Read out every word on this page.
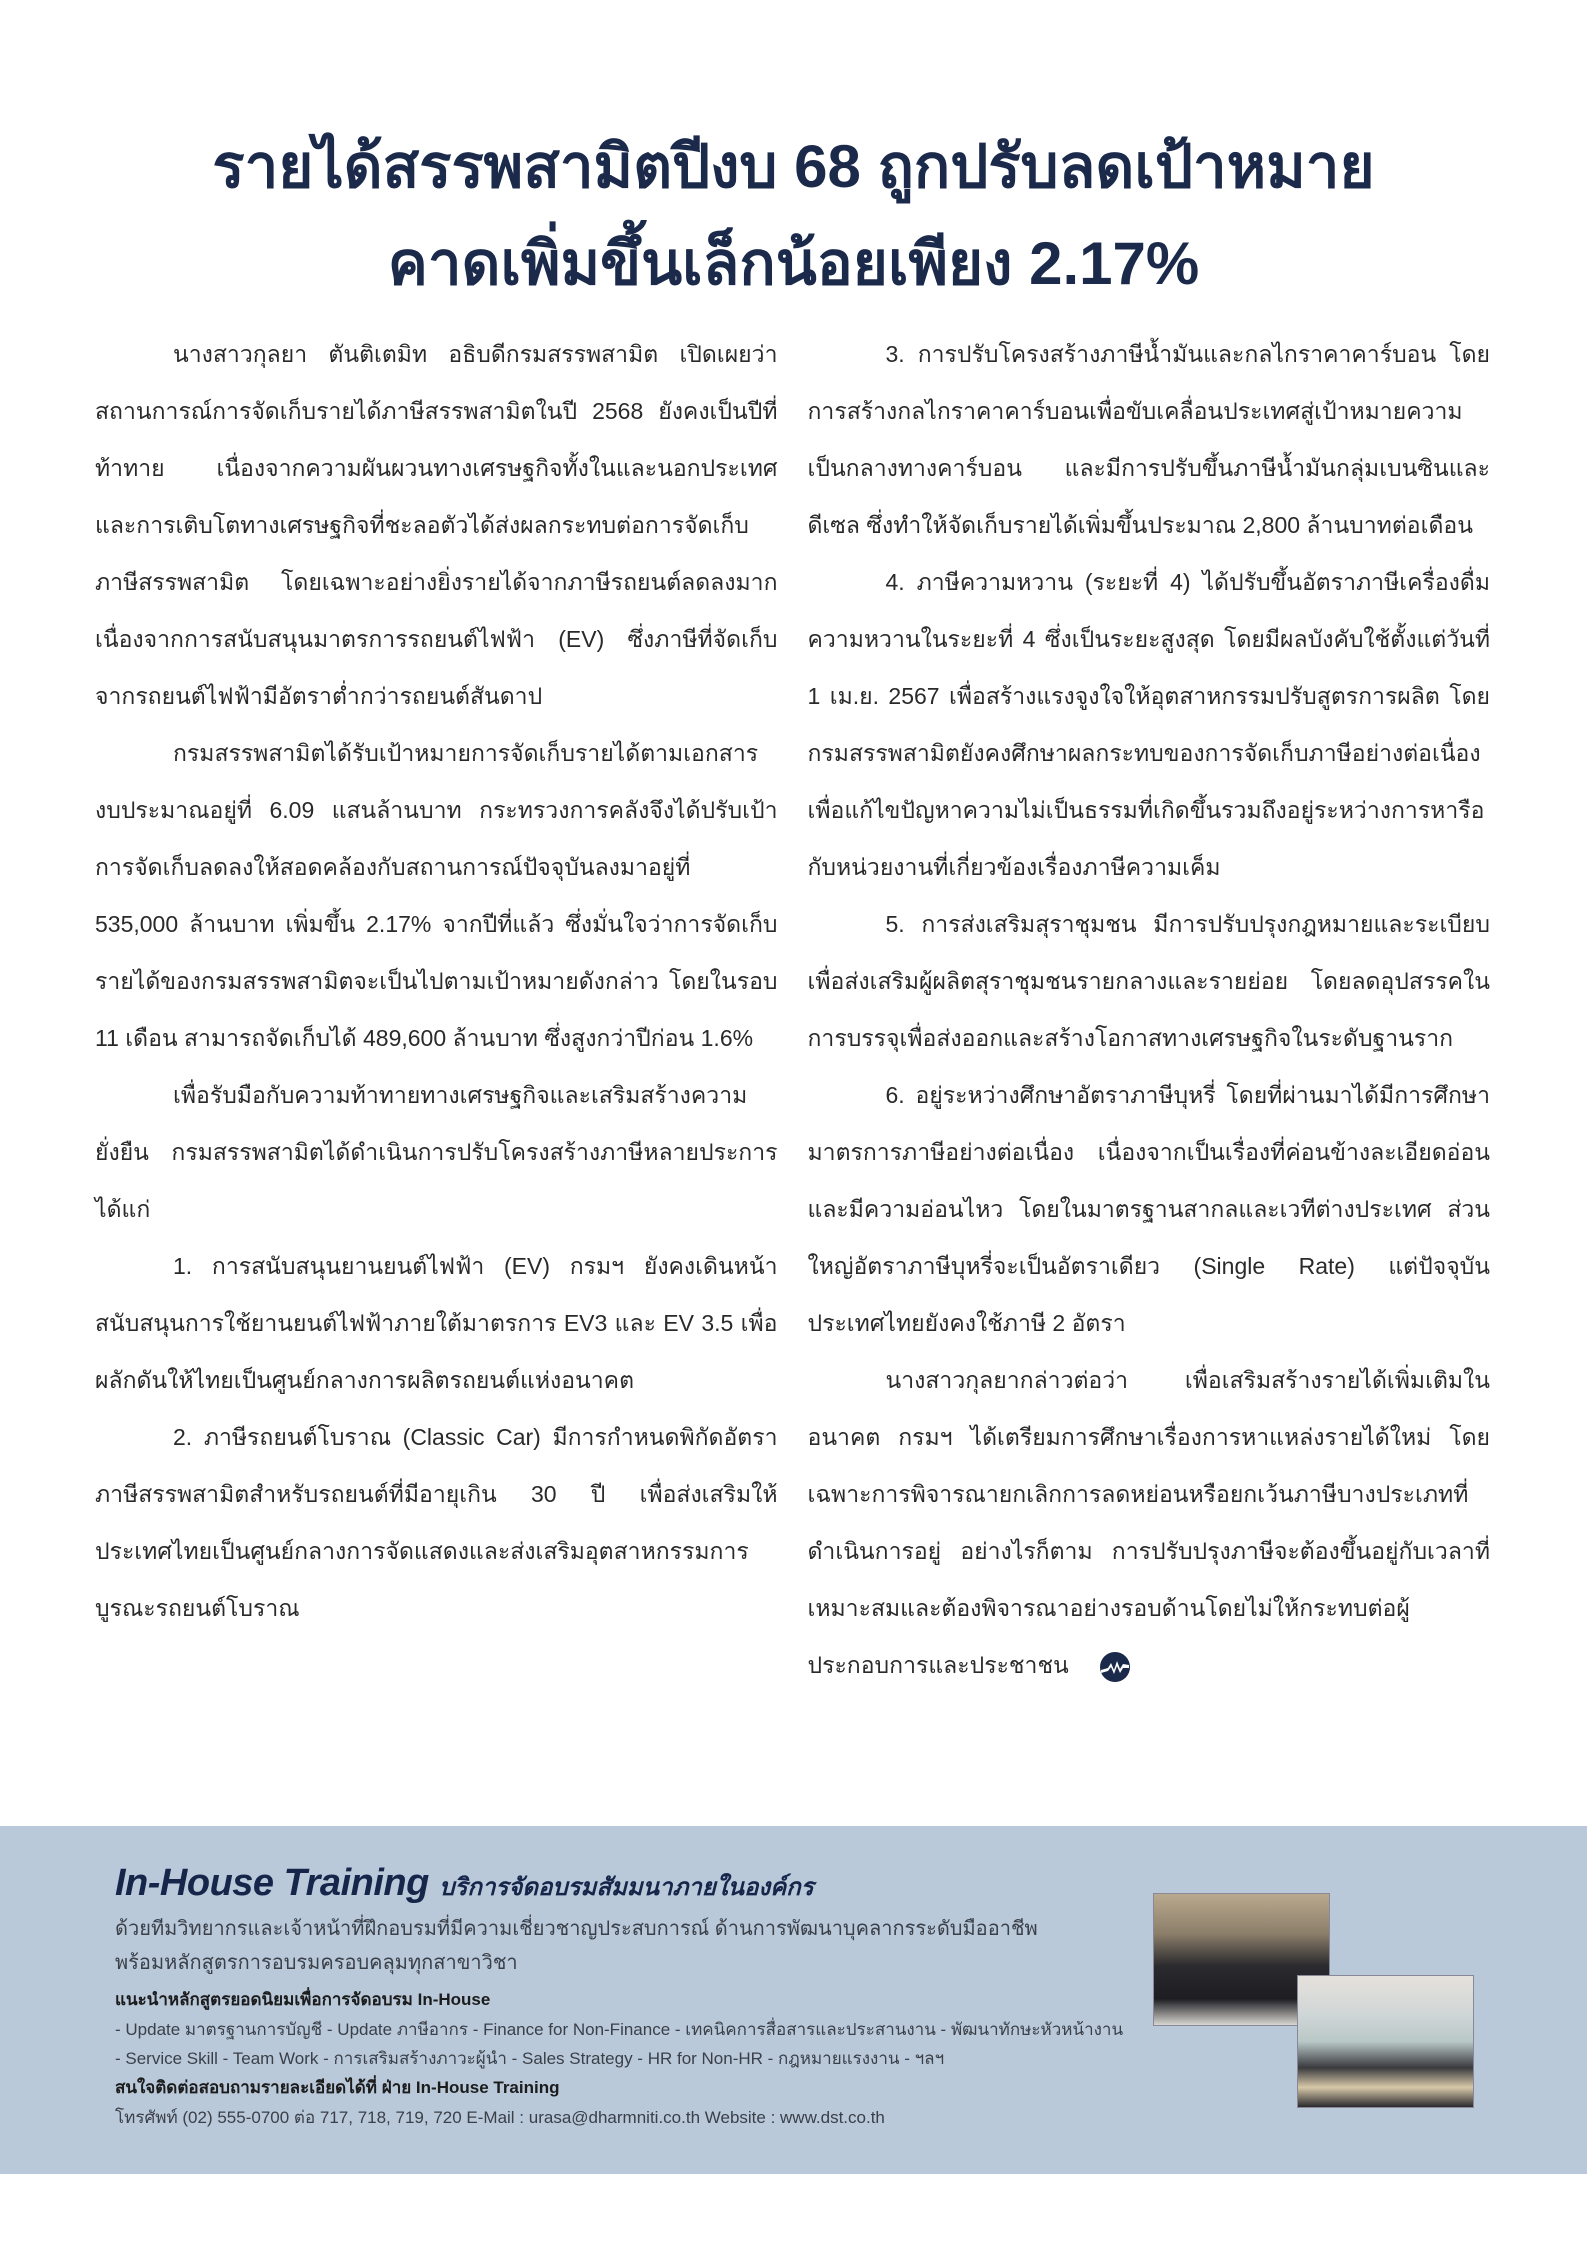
รายได้สรรพสามิตปีงบ 68 ถูกปรับลดเป้าหมาย
คาดเพิ่มขึ้นเล็กน้อยเพียง 2.17%

นางสาวกุลยา ตันติเตมิท อธิบดีกรมสรรพสามิต เปิดเผยว่า สถานการณ์การจัดเก็บรายได้ภาษีสรรพสามิตในปี 2568 ยังคงเป็นปีที่ท้าทาย เนื่องจากความผันผวนทางเศรษฐกิจทั้งในและนอกประเทศ และการเติบโตทางเศรษฐกิจที่ชะลอตัวได้ส่งผลกระทบต่อการจัดเก็บภาษีสรรพสามิต โดยเฉพาะอย่างยิ่งรายได้จากภาษีรถยนต์ลดลงมาก เนื่องจากการสนับสนุนมาตรการรถยนต์ไฟฟ้า (EV) ซึ่งภาษีที่จัดเก็บจากรถยนต์ไฟฟ้ามีอัตราต่ำกว่ารถยนต์สันดาป

กรมสรรพสามิตได้รับเป้าหมายการจัดเก็บรายได้ตามเอกสารงบประมาณอยู่ที่ 6.09 แสนล้านบาท กระทรวงการคลังจึงได้ปรับเป้าการจัดเก็บลดลงให้สอดคล้องกับสถานการณ์ปัจจุบันลงมาอยู่ที่ 535,000 ล้านบาท เพิ่มขึ้น 2.17% จากปีที่แล้ว ซึ่งมั่นใจว่าการจัดเก็บรายได้ของกรมสรรพสามิตจะเป็นไปตามเป้าหมายดังกล่าว โดยในรอบ 11 เดือน สามารถจัดเก็บได้ 489,600 ล้านบาท ซึ่งสูงกว่าปีก่อน 1.6%

เพื่อรับมือกับความท้าทายทางเศรษฐกิจและเสริมสร้างความยั่งยืน กรมสรรพสามิตได้ดำเนินการปรับโครงสร้างภาษีหลายประการ ได้แก่

1. การสนับสนุนยานยนต์ไฟฟ้า (EV) กรมฯ ยังคงเดินหน้าสนับสนุนการใช้ยานยนต์ไฟฟ้าภายใต้มาตรการ EV3 และ EV 3.5 เพื่อผลักดันให้ไทยเป็นศูนย์กลางการผลิตรถยนต์แห่งอนาคต

2. ภาษีรถยนต์โบราณ (Classic Car) มีการกำหนดพิกัดอัตราภาษีสรรพสามิตสำหรับรถยนต์ที่มีอายุเกิน 30 ปี เพื่อส่งเสริมให้ประเทศไทยเป็นศูนย์กลางการจัดแสดงและส่งเสริมอุตสาหกรรมการบูรณะรถยนต์โบราณ

3. การปรับโครงสร้างภาษีน้ำมันและกลไกราคาคาร์บอน โดยการสร้างกลไกราคาคาร์บอนเพื่อขับเคลื่อนประเทศสู่เป้าหมายความเป็นกลางทางคาร์บอน และมีการปรับขึ้นภาษีน้ำมันกลุ่มเบนซินและดีเซล ซึ่งทำให้จัดเก็บรายได้เพิ่มขึ้นประมาณ 2,800 ล้านบาทต่อเดือน

4. ภาษีความหวาน (ระยะที่ 4) ได้ปรับขึ้นอัตราภาษีเครื่องดื่มความหวานในระยะที่ 4 ซึ่งเป็นระยะสูงสุด โดยมีผลบังคับใช้ตั้งแต่วันที่ 1 เม.ย. 2567 เพื่อสร้างแรงจูงใจให้อุตสาหกรรมปรับสูตรการผลิต โดยกรมสรรพสามิตยังคงศึกษาผลกระทบของการจัดเก็บภาษีอย่างต่อเนื่อง เพื่อแก้ไขปัญหาความไม่เป็นธรรมที่เกิดขึ้นรวมถึงอยู่ระหว่างการหารือกับหน่วยงานที่เกี่ยวข้องเรื่องภาษีความเค็ม

5. การส่งเสริมสุราชุมชน มีการปรับปรุงกฎหมายและระเบียบเพื่อส่งเสริมผู้ผลิตสุราชุมชนรายกลางและรายย่อย โดยลดอุปสรรคในการบรรจุเพื่อส่งออกและสร้างโอกาสทางเศรษฐกิจในระดับฐานราก

6. อยู่ระหว่างศึกษาอัตราภาษีบุหรี่ โดยที่ผ่านมาได้มีการศึกษามาตรการภาษีอย่างต่อเนื่อง เนื่องจากเป็นเรื่องที่ค่อนข้างละเอียดอ่อนและมีความอ่อนไหว โดยในมาตรฐานสากลและเวทีต่างประเทศ ส่วนใหญ่อัตราภาษีบุหรี่จะเป็นอัตราเดียว (Single Rate) แต่ปัจจุบันประเทศไทยยังคงใช้ภาษี 2 อัตรา

นางสาวกุลยากล่าวต่อว่า เพื่อเสริมสร้างรายได้เพิ่มเติมในอนาคต กรมฯ ได้เตรียมการศึกษาเรื่องการหาแหล่งรายได้ใหม่ โดยเฉพาะการพิจารณายกเลิกการลดหย่อนหรือยกเว้นภาษีบางประเภทที่ดำเนินการอยู่ อย่างไรก็ตาม การปรับปรุงภาษีจะต้องขึ้นอยู่กับเวลาที่เหมาะสมและต้องพิจารณาอย่างรอบด้านโดยไม่ให้กระทบต่อผู้ประกอบการและประชาชน

In-House Training บริการจัดอบรมสัมมนาภายในองค์กร
ด้วยทีมวิทยากรและเจ้าหน้าที่ฝึกอบรมที่มีความเชี่ยวชาญประสบการณ์ ด้านการพัฒนาบุคลากรระดับมืออาชีพ
พร้อมหลักสูตรการอบรมครอบคลุมทุกสาขาวิชา
แนะนำหลักสูตรยอดนิยมเพื่อการจัดอบรม In-House
- Update มาตรฐานการบัญชี - Update ภาษีอากร - Finance for Non-Finance - เทคนิคการสื่อสารและประสานงาน - พัฒนาทักษะหัวหน้างาน
- Service Skill - Team Work - การเสริมสร้างภาวะผู้นำ - Sales Strategy - HR for Non-HR - กฎหมายแรงงาน - ฯลฯ
สนใจติดต่อสอบถามรายละเอียดได้ที่ ฝ่าย In-House Training
โทรศัพท์ (02) 555-0700 ต่อ 717, 718, 719, 720 E-Mail : urasa@dharmniti.co.th Website : www.dst.co.th
